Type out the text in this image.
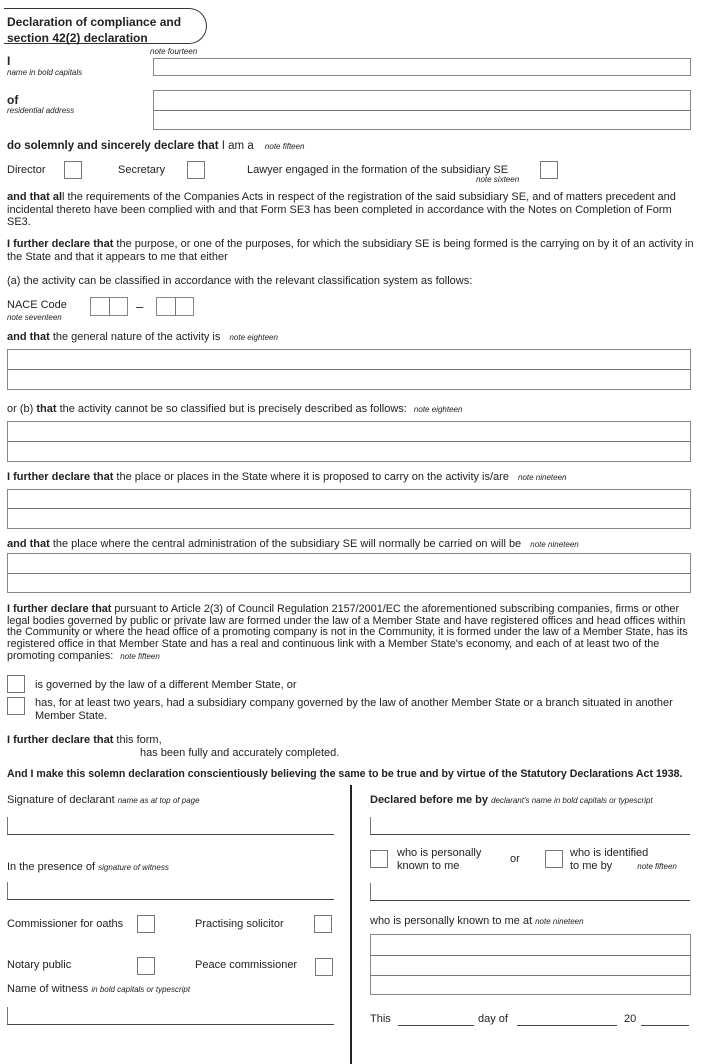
Declaration of compliance and
section 42(2) declaration
note fourteen
I
name in bold capitals
of
residential address
do solemnly and sincerely declare that I am a note fifteen
Director	Secretary	Lawyer engaged in the formation of the subsidiary SE
note sixteen
and that all the requirements of the Companies Acts in respect of the registration of the said subsidiary SE, and of matters precedent and incidental thereto have been complied with and that Form SE3 has been completed in accordance with the Notes on Completion of Form SE3.
I further declare that the purpose, or one of the purposes, for which the subsidiary SE is being formed is the carrying on by it of an activity in the State and that it appears to me that either
(a) the activity can be classified in accordance with the relevant classification system as follows:
NACE Code
note seventeen
–
and that the general nature of the activity is note eighteen
or (b) that the activity cannot be so classified but is precisely described as follows: note eighteen
I further declare that the place or places in the State where it is proposed to carry on the activity is/are note nineteen
and that the place where the central administration of the subsidiary SE will normally be carried on will be note nineteen
I further declare that pursuant to Article 2(3) of Council Regulation 2157/2001/EC the aforementioned subscribing companies, firms or other legal bodies governed by public or private law are formed under the law of a Member State and have registered offices and head offices within the Community or where the head office of a promoting company is not in the Community, it is formed under the law of a Member State, has its registered office in that Member State and has a real and continuous link with a Member State's economy, and each of at least two of the promoting companies: note fifteen
is governed by the law of a different Member State, or
has, for at least two years, had a subsidiary company governed by the law of another Member State or a branch situated in another Member State.
I further declare that this form,
has been fully and accurately completed.
And I make this solemn declaration conscientiously believing the same to be true and by virtue of the Statutory Declarations Act 1938.
Signature of declarant name as at top of page
In the presence of signature of witness
Commissioner for oaths	Practising solicitor
Notary public	Peace commissioner
Name of witness in bold capitals or typescript
Declared before me by declarant's name in bold capitals or typescript
who is personally
known to me
or	who is identified
to me by	note fifteen
who is personally known to me at note nineteen
This	day of	20
